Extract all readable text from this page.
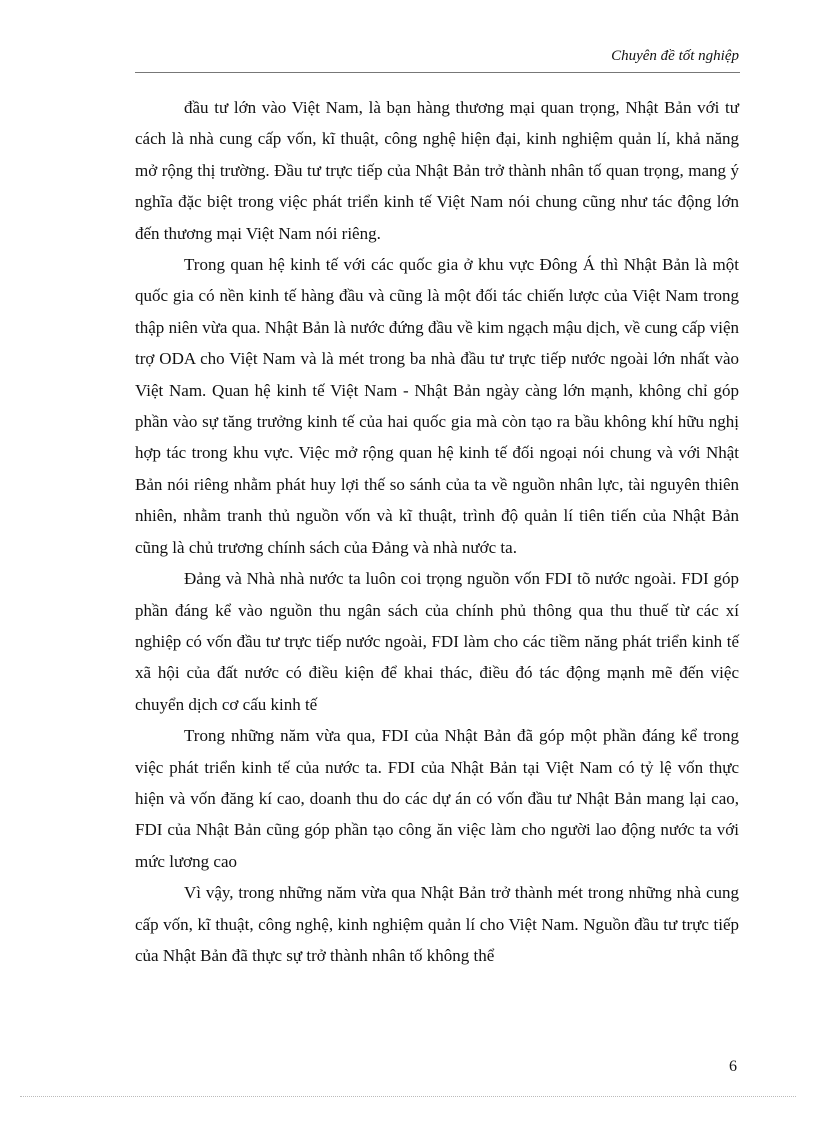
Chuyên đề tốt nghiệp

đầu tư lớn vào Việt Nam, là bạn hàng thương mại quan trọng, Nhật Bản với tư cách là nhà cung cấp vốn, kĩ thuật, công nghệ hiện đại, kinh nghiệm quản lí, khả năng mở rộng thị trường. Đầu tư trực tiếp của Nhật Bản trở thành nhân tố quan trọng, mang ý nghĩa đặc biệt trong việc phát triển kinh tế Việt Nam nói chung cũng như tác động lớn đến thương mại Việt Nam nói riêng.

Trong quan hệ kinh tế với các quốc gia ở khu vực Đông Á thì Nhật Bản là một quốc gia có nền kinh tế hàng đầu và cũng là một đối tác chiến lược của Việt Nam trong thập niên vừa qua. Nhật Bản là nước đứng đầu về kim ngạch mậu dịch, về cung cấp viện trợ ODA cho Việt Nam và là mét trong ba nhà đầu tư trực tiếp nước ngoài lớn nhất vào Việt Nam. Quan hệ kinh tế Việt Nam - Nhật Bản ngày càng lớn mạnh, không chỉ góp phần vào sự tăng trưởng kinh tế của hai quốc gia mà còn tạo ra bầu không khí hữu nghị hợp tác trong khu vực. Việc mở rộng quan hệ kinh tế đối ngoại nói chung và với Nhật Bản nói riêng nhằm phát huy lợi thế so sánh của ta về nguồn nhân lực, tài nguyên thiên nhiên, nhằm tranh thủ nguồn vốn và kĩ thuật, trình độ quản lí tiên tiến của Nhật Bản cũng là chủ trương chính sách của Đảng và nhà nước ta.

Đảng và Nhà nhà nước ta luôn coi trọng nguồn vốn FDI tõ nước ngoài. FDI góp phần đáng kể vào nguồn thu ngân sách của chính phủ thông qua thu thuế từ các xí nghiệp có vốn đầu tư trực tiếp nước ngoài, FDI làm cho các tiềm năng phát triển kinh tế xã hội của đất nước có điều kiện để khai thác, điều đó tác động mạnh mẽ đến việc chuyển dịch cơ cấu kinh tế

Trong những năm vừa qua, FDI của Nhật Bản đã góp một phần đáng kể trong việc phát triển kinh tế của nước ta. FDI của Nhật Bản tại Việt Nam có tỷ lệ vốn thực hiện và vốn đăng kí cao, doanh thu do các dự án có vốn đầu tư Nhật Bản mang lại cao, FDI của Nhật Bản cũng góp phần tạo công ăn việc làm cho người lao động nước ta với mức lương cao

Vì vậy, trong những năm vừa qua Nhật Bản trở thành mét trong những nhà cung cấp vốn, kĩ thuật, công nghệ, kinh nghiệm quản lí cho Việt Nam. Nguồn đầu tư trực tiếp của Nhật Bản đã thực sự trở thành nhân tố không thể

6
